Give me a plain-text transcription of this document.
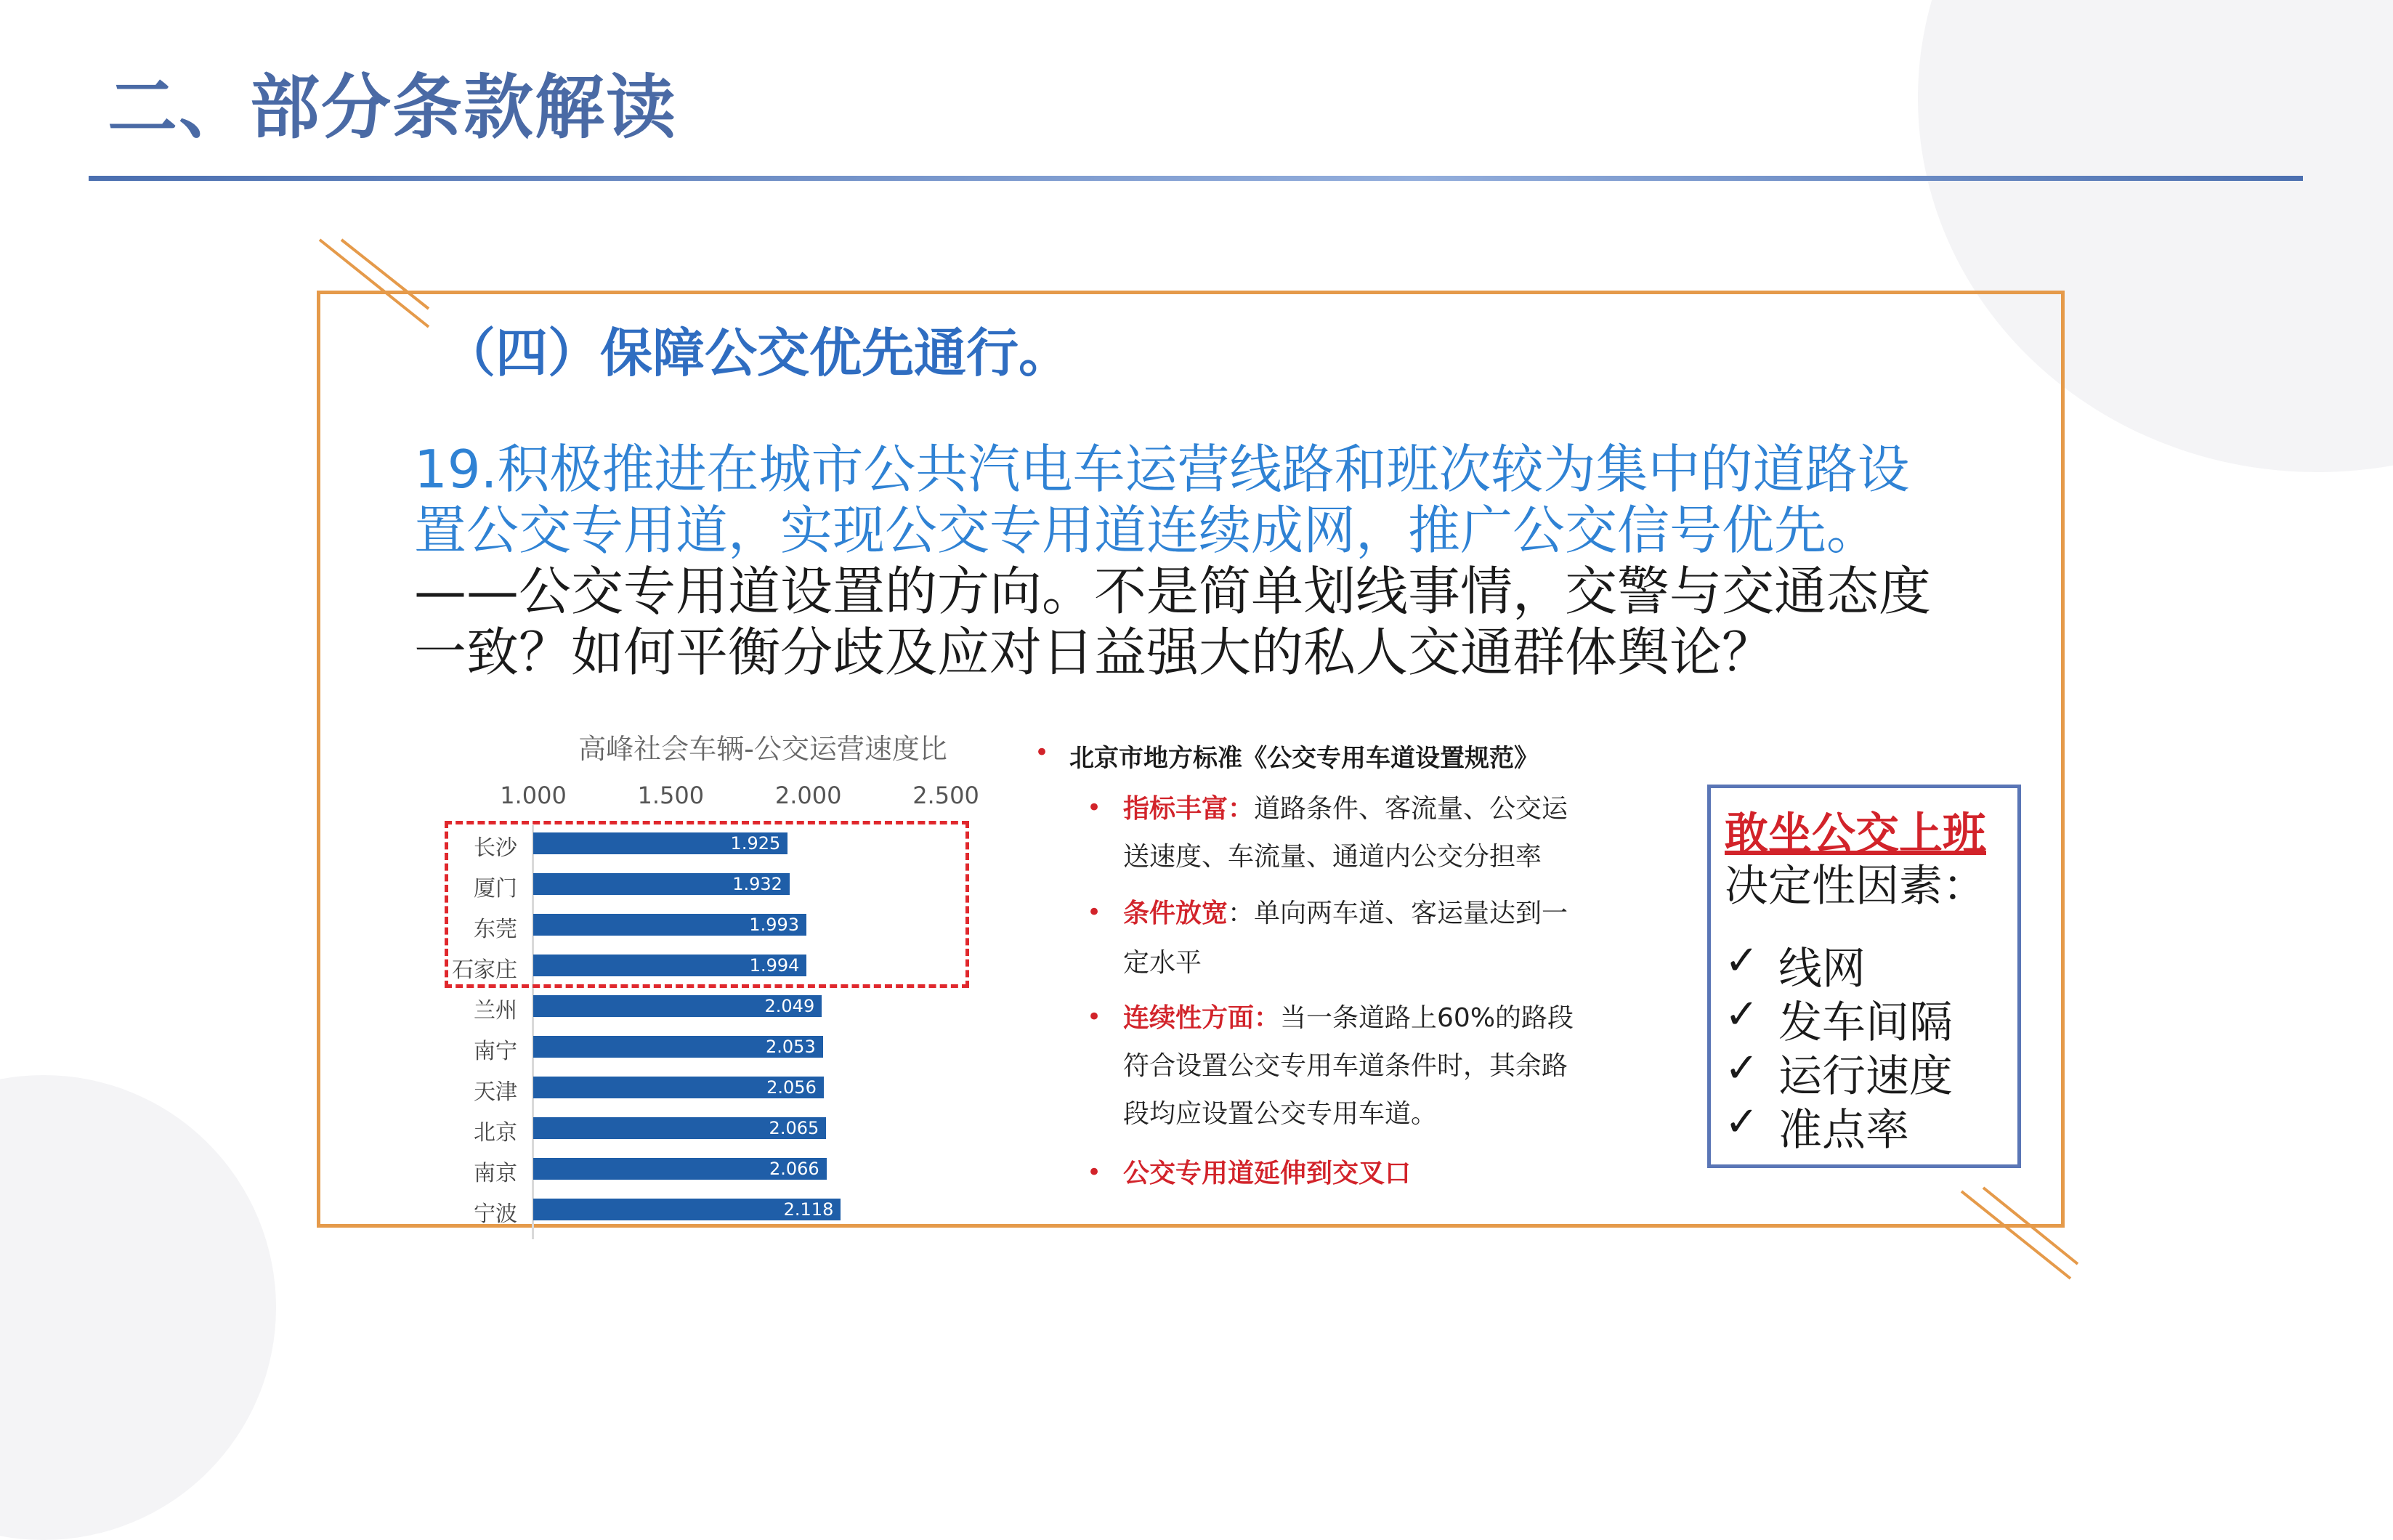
二、部分条款解读
（四）保障公交优先通行。
19.积极推进在城市公共汽电车运营线路和班次较为集中的道路设
置公交专用道，实现公交专用道连续成网，推广公交信号优先。
——公交专用道设置的方向。不是简单划线事情，交警与交通态度
一致？如何平衡分歧及应对日益强大的私人交通群体舆论？
高峰社会车辆-公交运营速度比
1.000	1.500	2.000	2.500
长沙	1.925
厦门	1.932
东莞	1.993
石家庄	1.994
兰州	2.049
南宁	2.053
天津	2.056
北京	2.065
南京	2.066
宁波	2.118
• 北京市地方标准《公交专用车道设置规范》
• 指标丰富：道路条件、客流量、公交运
送速度、车流量、通道内公交分担率
• 条件放宽：单向两车道、客运量达到一
定水平
• 连续性方面：当一条道路上60%的路段
符合设置公交专用车道条件时，其余路
段均应设置公交专用车道。
• 公交专用道延伸到交叉口
敢坐公交上班
决定性因素：
✓ 线网
✓ 发车间隔
✓ 运行速度
✓ 准点率
